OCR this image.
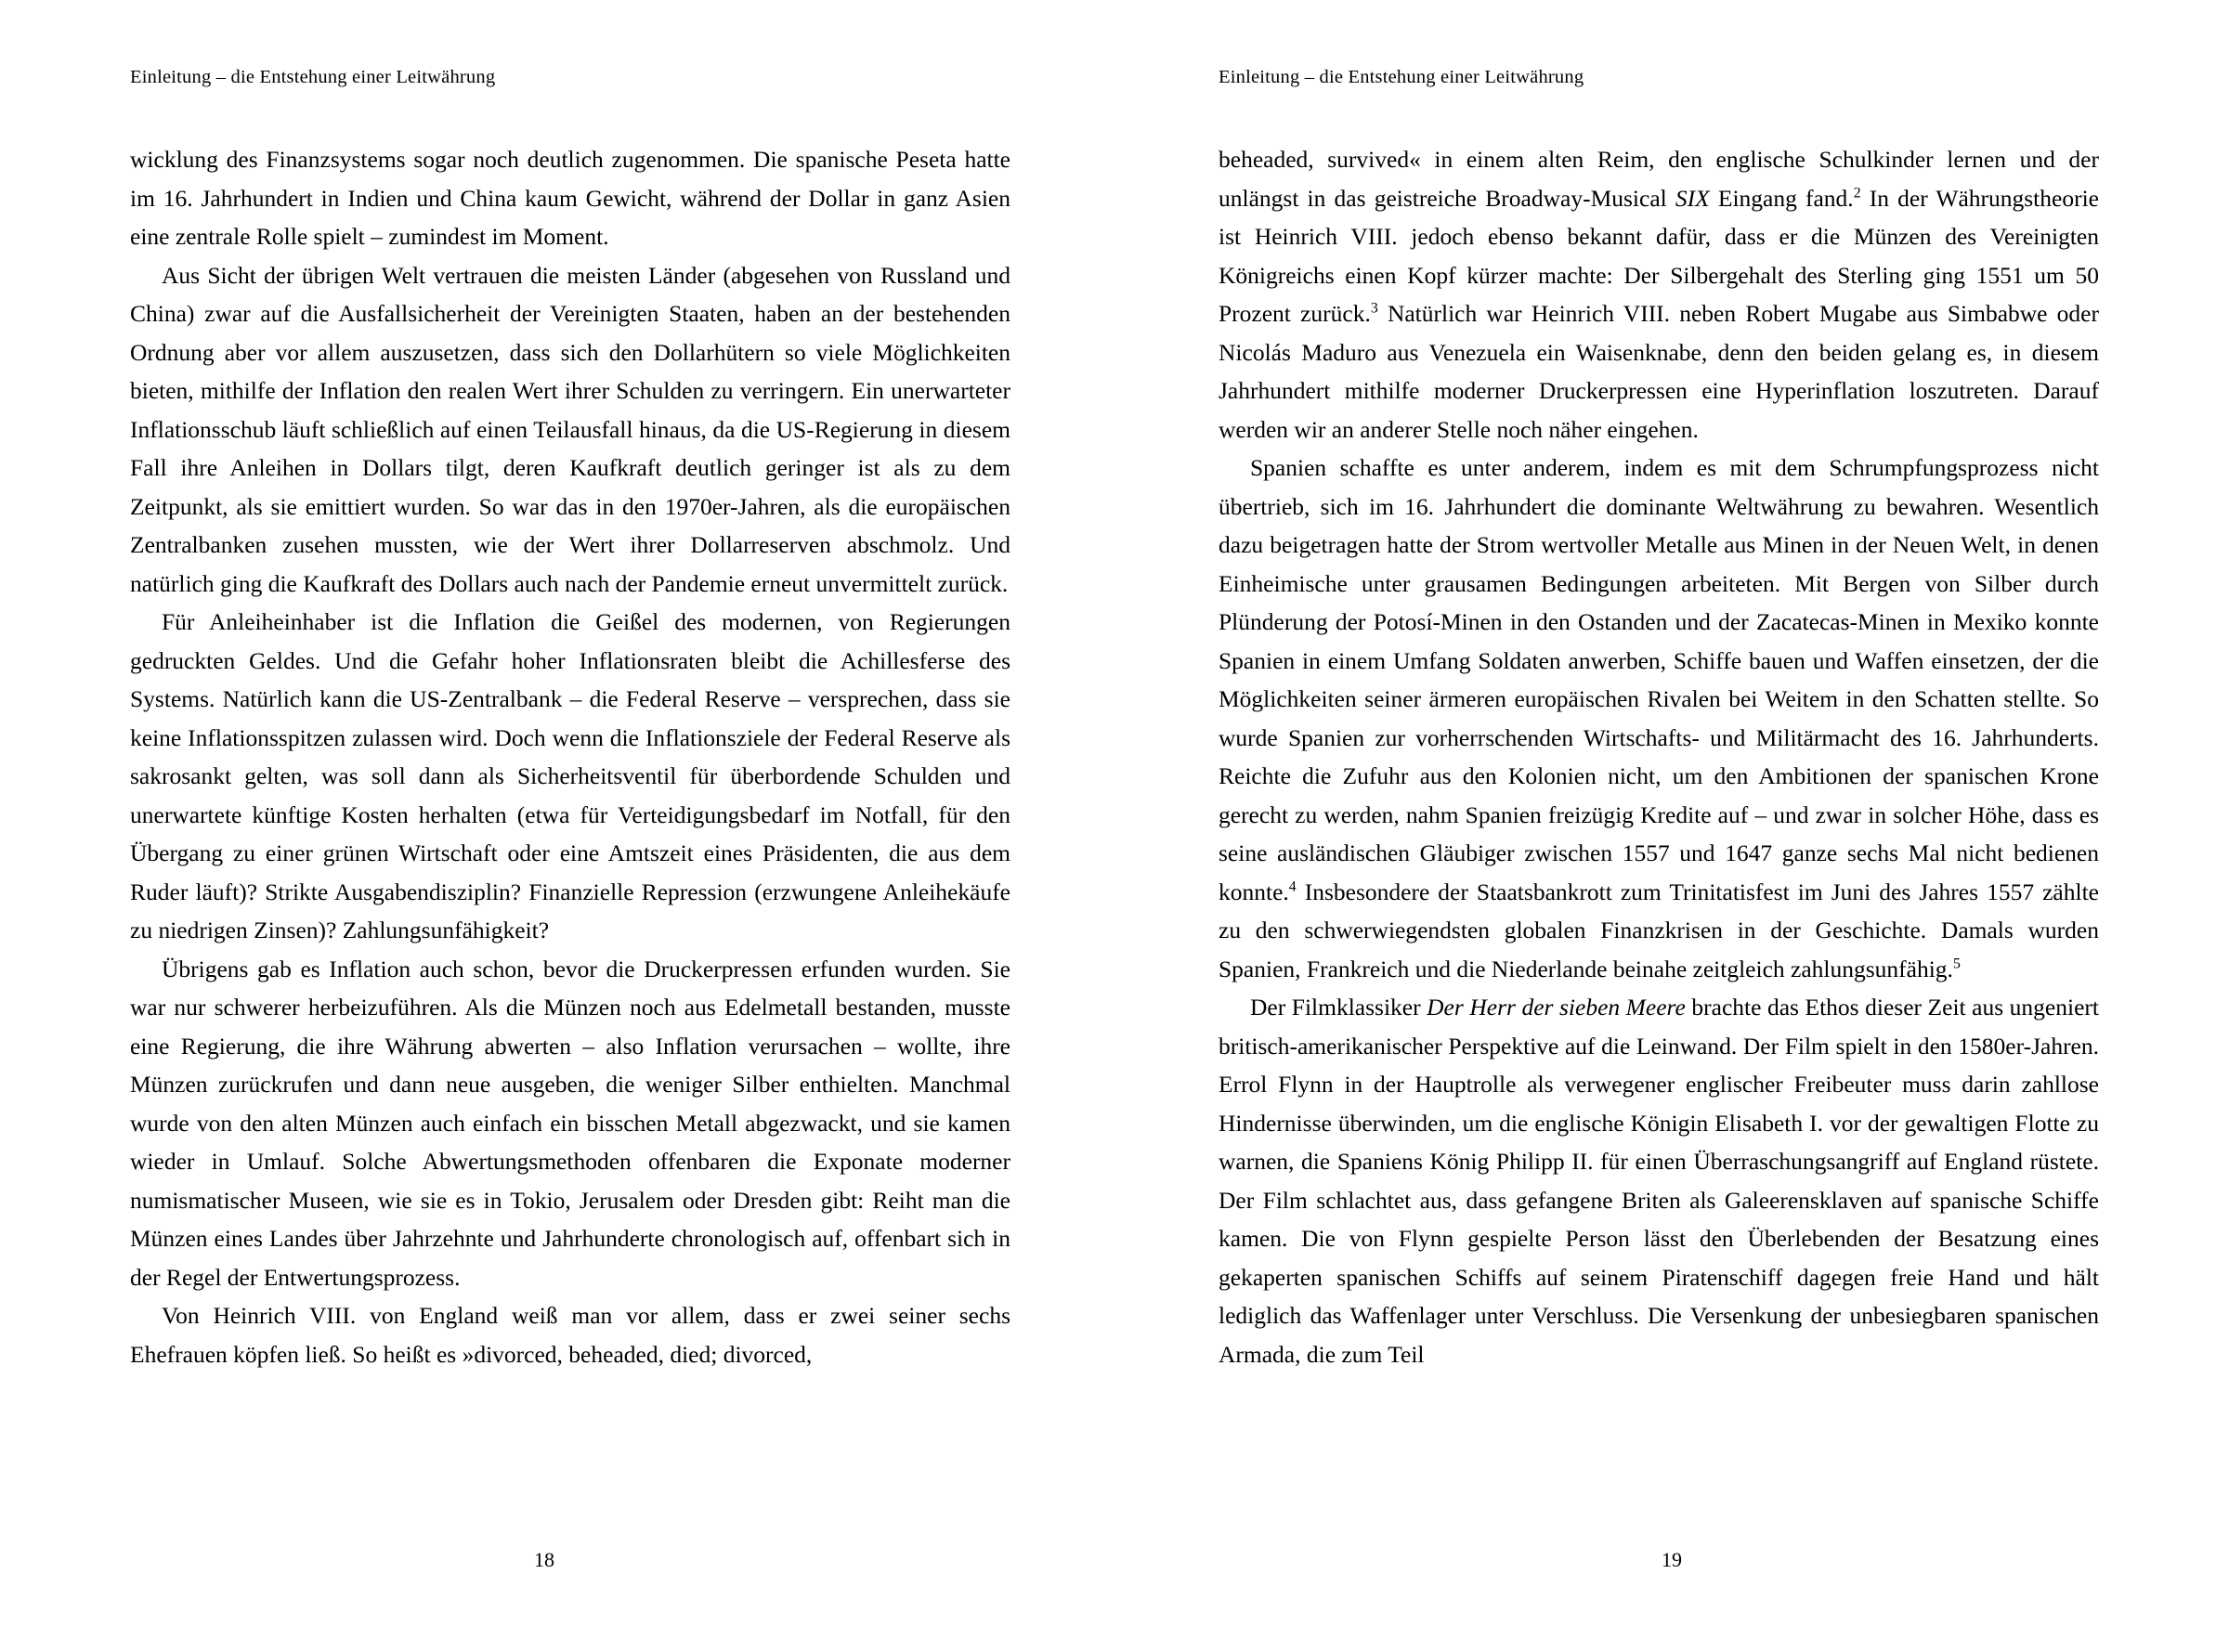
Einleitung – die Entstehung einer Leitwährung

wicklung des Finanzsystems sogar noch deutlich zugenommen. Die spanische Peseta hatte im 16. Jahrhundert in Indien und China kaum Gewicht, während der Dollar in ganz Asien eine zentrale Rolle spielt – zumindest im Moment.

Aus Sicht der übrigen Welt vertrauen die meisten Länder (abgesehen von Russland und China) zwar auf die Ausfallsicherheit der Vereinigten Staaten, haben an der bestehenden Ordnung aber vor allem auszusetzen, dass sich den Dollarhütern so viele Möglichkeiten bieten, mithilfe der Inflation den realen Wert ihrer Schulden zu verringern. Ein unerwarteter Inflationsschub läuft schließlich auf einen Teilausfall hinaus, da die US-Regierung in diesem Fall ihre Anleihen in Dollars tilgt, deren Kaufkraft deutlich geringer ist als zu dem Zeitpunkt, als sie emittiert wurden. So war das in den 1970er-Jahren, als die europäischen Zentralbanken zusehen mussten, wie der Wert ihrer Dollarreserven abschmolz. Und natürlich ging die Kaufkraft des Dollars auch nach der Pandemie erneut unvermittelt zurück.

Für Anleiheinhaber ist die Inflation die Geißel des modernen, von Regierungen gedruckten Geldes. Und die Gefahr hoher Inflationsraten bleibt die Achillesferse des Systems. Natürlich kann die US-Zentralbank – die Federal Reserve – versprechen, dass sie keine Inflationsspitzen zulassen wird. Doch wenn die Inflationsziele der Federal Reserve als sakrosankt gelten, was soll dann als Sicherheitsventil für überbordende Schulden und unerwartete künftige Kosten herhalten (etwa für Verteidigungsbedarf im Notfall, für den Übergang zu einer grünen Wirtschaft oder eine Amtszeit eines Präsidenten, die aus dem Ruder läuft)? Strikte Ausgabendisziplin? Finanzielle Repression (erzwungene Anleihekäufe zu niedrigen Zinsen)? Zahlungsunfähigkeit?

Übrigens gab es Inflation auch schon, bevor die Druckerpressen erfunden wurden. Sie war nur schwerer herbeizuführen. Als die Münzen noch aus Edelmetall bestanden, musste eine Regierung, die ihre Währung abwerten – also Inflation verursachen – wollte, ihre Münzen zurückrufen und dann neue ausgeben, die weniger Silber enthielten. Manchmal wurde von den alten Münzen auch einfach ein bisschen Metall abgezwackt, und sie kamen wieder in Umlauf. Solche Abwertungsmethoden offenbaren die Exponate moderner numismatischer Museen, wie sie es in Tokio, Jerusalem oder Dresden gibt: Reiht man die Münzen eines Landes über Jahrzehnte und Jahrhunderte chronologisch auf, offenbart sich in der Regel der Entwertungsprozess.

Von Heinrich VIII. von England weiß man vor allem, dass er zwei seiner sechs Ehefrauen köpfen ließ. So heißt es »divorced, beheaded, died; divorced,

18
Einleitung – die Entstehung einer Leitwährung

beheaded, survived« in einem alten Reim, den englische Schulkinder lernen und der unlängst in das geistreiche Broadway-Musical SIX Eingang fand.$^2$ In der Währungstheorie ist Heinrich VIII. jedoch ebenso bekannt dafür, dass er die Münzen des Vereinigten Königreichs einen Kopf kürzer machte: Der Silbergehalt des Sterling ging 1551 um 50 Prozent zurück.$^3$ Natürlich war Heinrich VIII. neben Robert Mugabe aus Simbabwe oder Nicolás Maduro aus Venezuela ein Waisenknabe, denn den beiden gelang es, in diesem Jahrhundert mithilfe moderner Druckerpressen eine Hyperinflation loszutreten. Darauf werden wir an anderer Stelle noch näher eingehen.

Spanien schaffte es unter anderem, indem es mit dem Schrumpfungsprozess nicht übertrieb, sich im 16. Jahrhundert die dominante Weltwährung zu bewahren. Wesentlich dazu beigetragen hatte der Strom wertvoller Metalle aus Minen in der Neuen Welt, in denen Einheimische unter grausamen Bedingungen arbeiteten. Mit Bergen von Silber durch Plünderung der Potosí-Minen in den Ostanden und der Zacatecas-Minen in Mexiko konnte Spanien in einem Umfang Soldaten anwerben, Schiffe bauen und Waffen einsetzen, der die Möglichkeiten seiner ärmeren europäischen Rivalen bei Weitem in den Schatten stellte. So wurde Spanien zur vorherrschenden Wirtschafts- und Militärmacht des 16. Jahrhunderts. Reichte die Zufuhr aus den Kolonien nicht, um den Ambitionen der spanischen Krone gerecht zu werden, nahm Spanien freizügig Kredite auf – und zwar in solcher Höhe, dass es seine ausländischen Gläubiger zwischen 1557 und 1647 ganze sechs Mal nicht bedienen konnte.$^4$ Insbesondere der Staatsbankrott zum Trinitatisfest im Juni des Jahres 1557 zählte zu den schwerwiegendsten globalen Finanzkrisen in der Geschichte. Damals wurden Spanien, Frankreich und die Niederlande beinahe zeitgleich zahlungsunfähig.$^5$

Der Filmklassiker Der Herr der sieben Meere brachte das Ethos dieser Zeit aus ungeniert britisch-amerikanischer Perspektive auf die Leinwand. Der Film spielt in den 1580er-Jahren. Errol Flynn in der Hauptrolle als verwegener englischer Freibeuter muss darin zahllose Hindernisse überwinden, um die englische Königin Elisabeth I. vor der gewaltigen Flotte zu warnen, die Spaniens König Philipp II. für einen Überraschungsangriff auf England rüstete. Der Film schlachtet aus, dass gefangene Briten als Galeerensklaven auf spanische Schiffe kamen. Die von Flynn gespielte Person lässt den Überlebenden der Besatzung eines gekaperten spanischen Schiffs auf seinem Piratenschiff dagegen freie Hand und hält lediglich das Waffenlager unter Verschluss. Die Versenkung der unbesiegbaren spanischen Armada, die zum Teil

19
